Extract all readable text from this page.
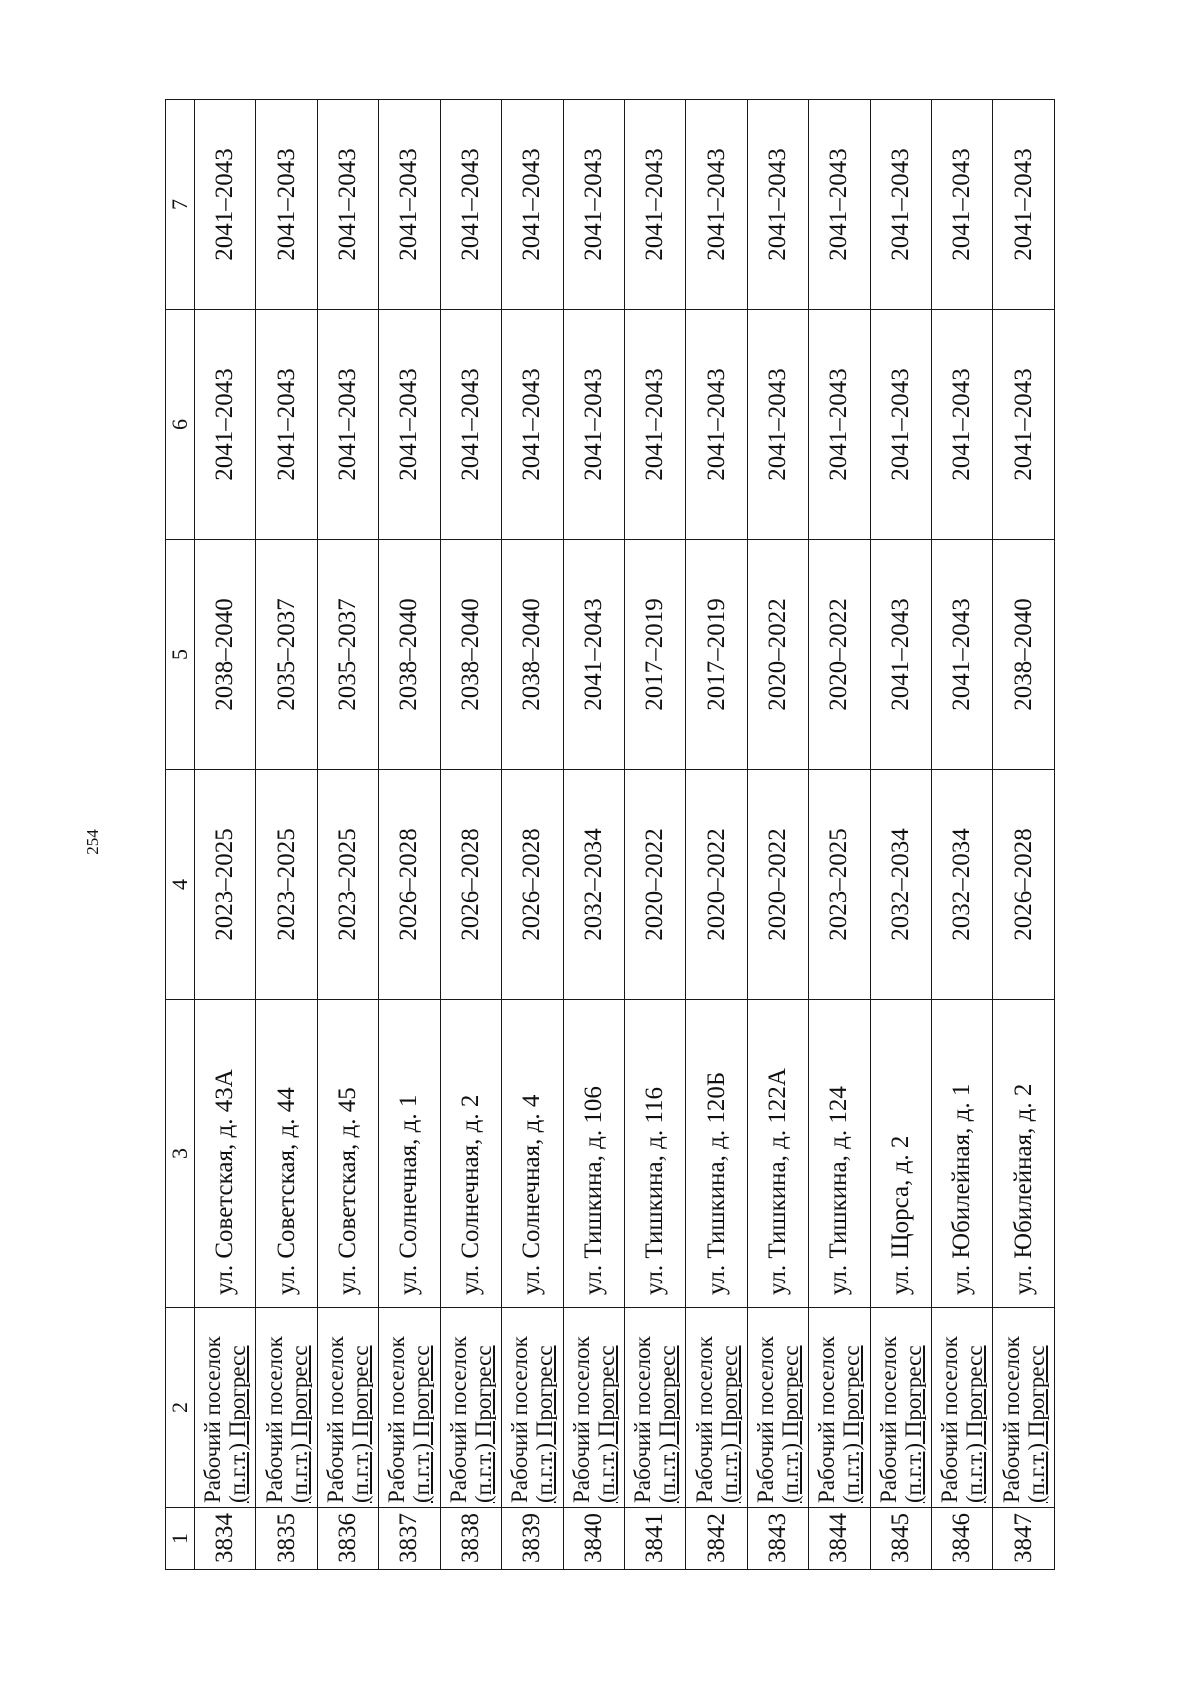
254
1	2	3	4	5	6	7
3834	Рабочий поселок (п.г.т.) Прогресс	ул. Советская, д. 43А	2023–2025	2038–2040	2041–2043	2041–2043
3835	Рабочий поселок (п.г.т.) Прогресс	ул. Советская, д. 44	2023–2025	2035–2037	2041–2043	2041–2043
3836	Рабочий поселок (п.г.т.) Прогресс	ул. Советская, д. 45	2023–2025	2035–2037	2041–2043	2041–2043
3837	Рабочий поселок (п.г.т.) Прогресс	ул. Солнечная, д. 1	2026–2028	2038–2040	2041–2043	2041–2043
3838	Рабочий поселок (п.г.т.) Прогресс	ул. Солнечная, д. 2	2026–2028	2038–2040	2041–2043	2041–2043
3839	Рабочий поселок (п.г.т.) Прогресс	ул. Солнечная, д. 4	2026–2028	2038–2040	2041–2043	2041–2043
3840	Рабочий поселок (п.г.т.) Прогресс	ул. Тишкина, д. 106	2032–2034	2041–2043	2041–2043	2041–2043
3841	Рабочий поселок (п.г.т.) Прогресс	ул. Тишкина, д. 116	2020–2022	2017–2019	2041–2043	2041–2043
3842	Рабочий поселок (п.г.т.) Прогресс	ул. Тишкина, д. 120Б	2020–2022	2017–2019	2041–2043	2041–2043
3843	Рабочий поселок (п.г.т.) Прогресс	ул. Тишкина, д. 122А	2020–2022	2020–2022	2041–2043	2041–2043
3844	Рабочий поселок (п.г.т.) Прогресс	ул. Тишкина, д. 124	2023–2025	2020–2022	2041–2043	2041–2043
3845	Рабочий поселок (п.г.т.) Прогресс	ул. Щорса, д. 2	2032–2034	2041–2043	2041–2043	2041–2043
3846	Рабочий поселок (п.г.т.) Прогресс	ул. Юбилейная, д. 1	2032–2034	2041–2043	2041–2043	2041–2043
3847	Рабочий поселок (п.г.т.) Прогресс	ул. Юбилейная, д. 2	2026–2028	2038–2040	2041–2043	2041–2043
